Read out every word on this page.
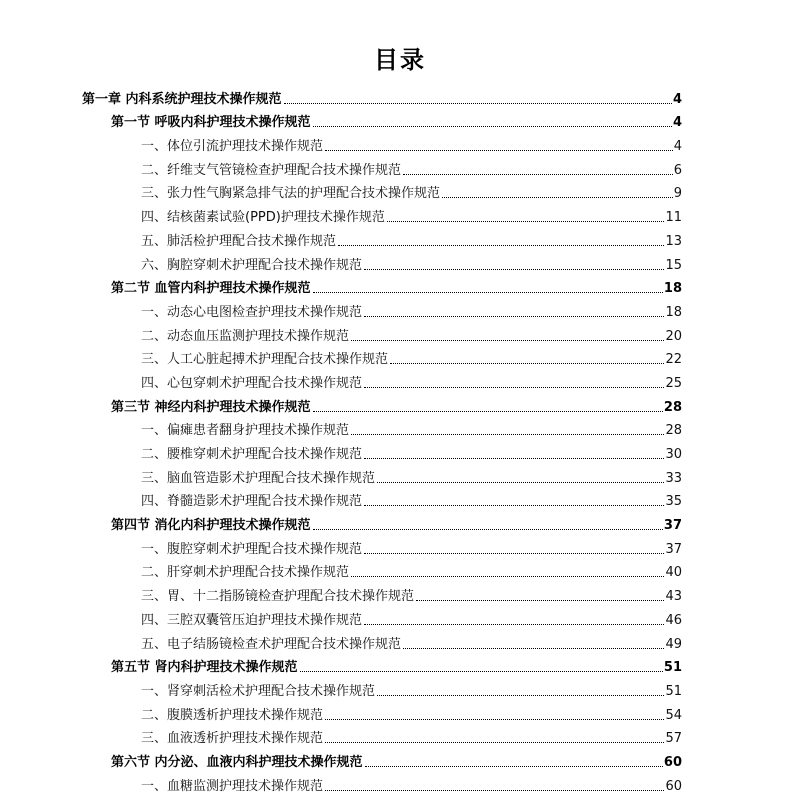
目录
第一章 内科系统护理技术操作规范	4
第一节 呼吸内科护理技术操作规范	4
一、体位引流护理技术操作规范	4
二、纤维支气管镜检查护理配合技术操作规范	6
三、张力性气胸紧急排气法的护理配合技术操作规范	9
四、结核菌素试验(PPD)护理技术操作规范	11
五、肺活检护理配合技术操作规范	13
六、胸腔穿刺术护理配合技术操作规范	15
第二节 血管内科护理技术操作规范	18
一、动态心电图检查护理技术操作规范	18
二、动态血压监测护理技术操作规范	20
三、人工心脏起搏术护理配合技术操作规范	22
四、心包穿刺术护理配合技术操作规范	25
第三节 神经内科护理技术操作规范	28
一、偏瘫患者翻身护理技术操作规范	28
二、腰椎穿刺术护理配合技术操作规范	30
三、脑血管造影术护理配合技术操作规范	33
四、脊髓造影术护理配合技术操作规范	35
第四节 消化内科护理技术操作规范	37
一、腹腔穿刺术护理配合技术操作规范	37
二、肝穿刺术护理配合技术操作规范	40
三、胃、十二指肠镜检查护理配合技术操作规范	43
四、三腔双囊管压迫护理技术操作规范	46
五、电子结肠镜检查术护理配合技术操作规范	49
第五节 肾内科护理技术操作规范	51
一、肾穿刺活检术护理配合技术操作规范	51
二、腹膜透析护理技术操作规范	54
三、血液透析护理技术操作规范	57
第六节 内分泌、血液内科护理技术操作规范	60
一、血糖监测护理技术操作规范	60
